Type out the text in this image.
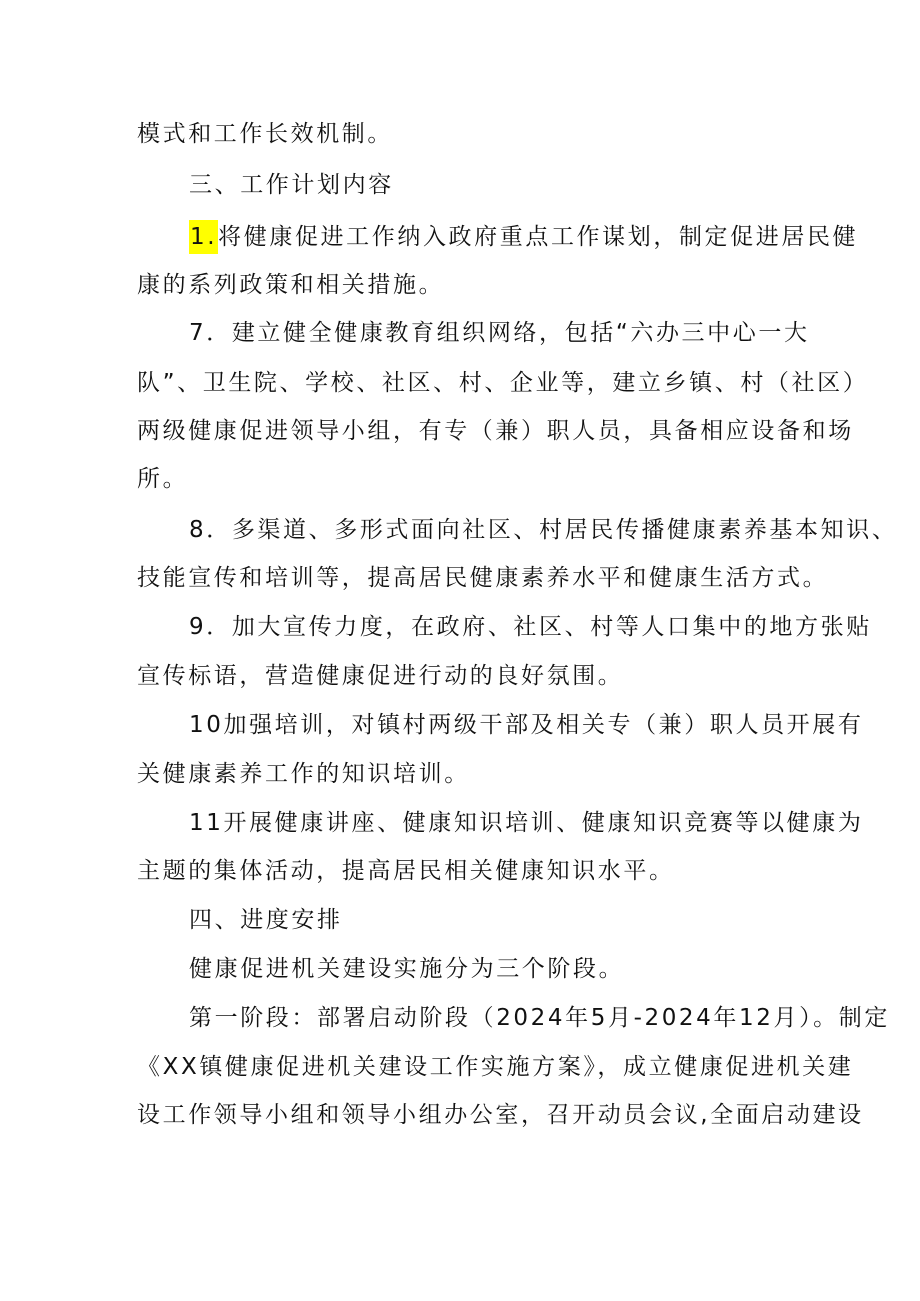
模式和工作长效机制。
三、工作计划内容
1.将健康促进工作纳入政府重点工作谋划，制定促进居民健
康的系列政策和相关措施。
7．建立健全健康教育组织网络，包括“六办三中心一大
队”、卫生院、学校、社区、村、企业等，建立乡镇、村（社区）
两级健康促进领导小组，有专（兼）职人员，具备相应设备和场
所。
8．多渠道、多形式面向社区、村居民传播健康素养基本知识、
技能宣传和培训等，提高居民健康素养水平和健康生活方式。
9．加大宣传力度，在政府、社区、村等人口集中的地方张贴
宣传标语，营造健康促进行动的良好氛围。
10加强培训，对镇村两级干部及相关专（兼）职人员开展有
关健康素养工作的知识培训。
11开展健康讲座、健康知识培训、健康知识竞赛等以健康为
主题的集体活动，提高居民相关健康知识水平。
四、进度安排
健康促进机关建设实施分为三个阶段。
第一阶段：部署启动阶段（2024年5月-2024年12月）。制定
《XX镇健康促进机关建设工作实施方案》，成立健康促进机关建
设工作领导小组和领导小组办公室，召开动员会议,全面启动建设
